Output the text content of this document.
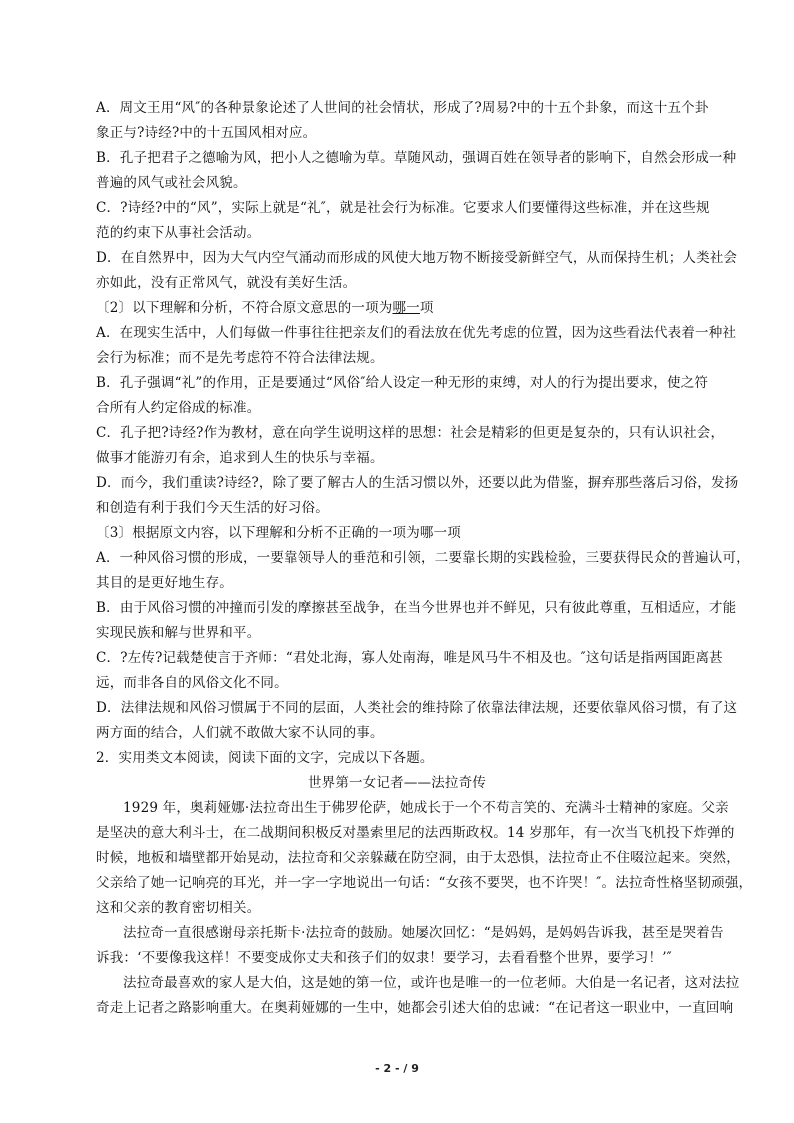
A．周文王用“风″的各种景象论述了人世间的社会情状，形成了?周易?中的十五个卦象，而这十五个卦
象正与?诗经?中的十五国风相对应。
B．孔子把君子之德喻为风，把小人之德喻为草。草随风动，强调百姓在领导者的影响下，自然会形成一种
普遍的风气或社会风貌。
C．?诗经?中的“风”，实际上就是“礼″，就是社会行为标准。它要求人们要懂得这些标准，并在这些规
范的约束下从事社会活动。
D．在自然界中，因为大气内空气涌动而形成的风使大地万物不断接受新鲜空气，从而保持生机；人类社会
亦如此，没有正常风气，就没有美好生活。
〔2〕以下理解和分析，不符合原文意思的一项为哪一项
A．在现实生活中，人们每做一件事往往把亲友们的看法放在优先考虑的位置，因为这些看法代表着一种社
会行为标准；而不是先考虑符不符合法律法规。
B．孔子强调“礼”的作用，正是要通过“风俗″给人设定一种无形的束缚，对人的行为提出要求，使之符
合所有人约定俗成的标准。
C．孔子把?诗经?作为教材，意在向学生说明这样的思想：社会是精彩的但更是复杂的，只有认识社会，
做事才能游刃有余，追求到人生的快乐与幸福。
D．而今，我们重读?诗经?，除了要了解古人的生活习惯以外，还要以此为借鉴，摒弃那些落后习俗，发扬
和创造有利于我们今天生活的好习俗。
〔3〕根据原文内容，以下理解和分析不正确的一项为哪一项
A．一种风俗习惯的形成，一要靠领导人的垂范和引领，二要靠长期的实践检验，三要获得民众的普遍认可，
其目的是更好地生存。
B．由于风俗习惯的冲撞而引发的摩擦甚至战争，在当今世界也并不鲜见，只有彼此尊重，互相适应，才能
实现民族和解与世界和平。
C．?左传?记载楚使言于齐师：“君处北海，寡人处南海，唯是风马牛不相及也。″这句话是指两国距离甚
远，而非各自的风俗文化不同。
D．法律法规和风俗习惯属于不同的层面，人类社会的维持除了依靠法律法规，还要依靠风俗习惯，有了这
两方面的结合，人们就不敢做大家不认同的事。
2．实用类文本阅读，阅读下面的文字，完成以下各题。
世界第一女记者——法拉奇传
1929 年，奥莉娅娜·法拉奇出生于佛罗伦萨，她成长于一个不苟言笑的、充满斗士精神的家庭。父亲
是坚决的意大利斗士，在二战期间积极反对墨索里尼的法西斯政权。14 岁那年，有一次当飞机投下炸弹的
时候，地板和墙壁都开始晃动，法拉奇和父亲躲藏在防空洞，由于太恐惧，法拉奇止不住啜泣起来。突然，
父亲给了她一记响亮的耳光，并一字一字地说出一句话：“女孩不要哭，也不许哭！″。法拉奇性格坚韧顽强，
这和父亲的教育密切相关。
法拉奇一直很感谢母亲托斯卡·法拉奇的鼓励。她屡次回忆：“是妈妈，是妈妈告诉我，甚至是哭着告
诉我：‘不要像我这样！不要变成你丈夫和孩子们的奴隶！要学习，去看看整个世界，要学习！’″
法拉奇最喜欢的家人是大伯，这是她的第一位，或许也是唯一的一位老师。大伯是一名记者，这对法拉
奇走上记者之路影响重大。在奥莉娅娜的一生中，她都会引述大伯的忠诫：“在记者这一职业中，一直回响
- 2 - / 9
